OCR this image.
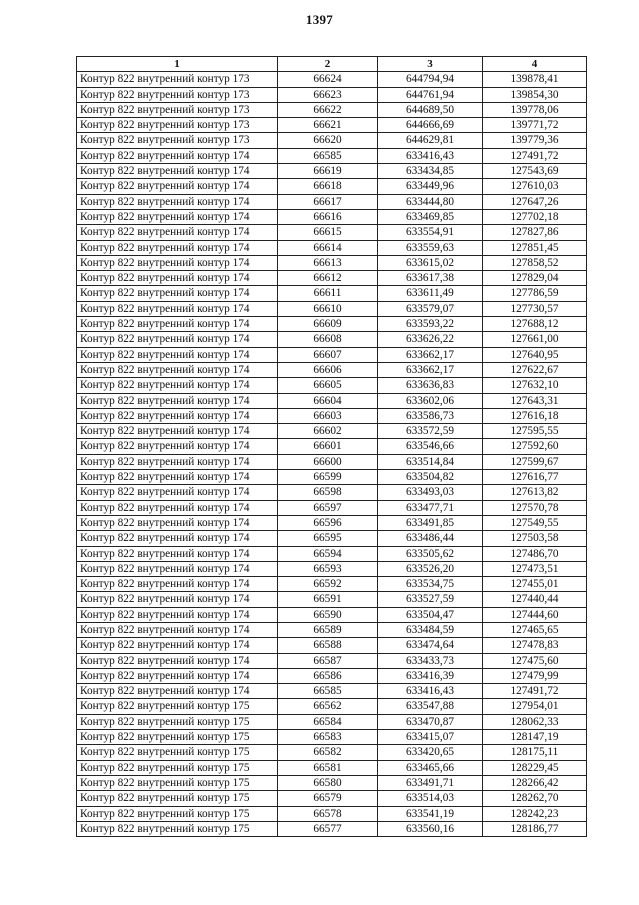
1397
1	2	3	4
Контур 822 внутренний контур 173	66624	644794,94	139878,41
Контур 822 внутренний контур 173	66623	644761,94	139854,30
Контур 822 внутренний контур 173	66622	644689,50	139778,06
Контур 822 внутренний контур 173	66621	644666,69	139771,72
Контур 822 внутренний контур 173	66620	644629,81	139779,36
Контур 822 внутренний контур 174	66585	633416,43	127491,72
Контур 822 внутренний контур 174	66619	633434,85	127543,69
Контур 822 внутренний контур 174	66618	633449,96	127610,03
Контур 822 внутренний контур 174	66617	633444,80	127647,26
Контур 822 внутренний контур 174	66616	633469,85	127702,18
Контур 822 внутренний контур 174	66615	633554,91	127827,86
Контур 822 внутренний контур 174	66614	633559,63	127851,45
Контур 822 внутренний контур 174	66613	633615,02	127858,52
Контур 822 внутренний контур 174	66612	633617,38	127829,04
Контур 822 внутренний контур 174	66611	633611,49	127786,59
Контур 822 внутренний контур 174	66610	633579,07	127730,57
Контур 822 внутренний контур 174	66609	633593,22	127688,12
Контур 822 внутренний контур 174	66608	633626,22	127661,00
Контур 822 внутренний контур 174	66607	633662,17	127640,95
Контур 822 внутренний контур 174	66606	633662,17	127622,67
Контур 822 внутренний контур 174	66605	633636,83	127632,10
Контур 822 внутренний контур 174	66604	633602,06	127643,31
Контур 822 внутренний контур 174	66603	633586,73	127616,18
Контур 822 внутренний контур 174	66602	633572,59	127595,55
Контур 822 внутренний контур 174	66601	633546,66	127592,60
Контур 822 внутренний контур 174	66600	633514,84	127599,67
Контур 822 внутренний контур 174	66599	633504,82	127616,77
Контур 822 внутренний контур 174	66598	633493,03	127613,82
Контур 822 внутренний контур 174	66597	633477,71	127570,78
Контур 822 внутренний контур 174	66596	633491,85	127549,55
Контур 822 внутренний контур 174	66595	633486,44	127503,58
Контур 822 внутренний контур 174	66594	633505,62	127486,70
Контур 822 внутренний контур 174	66593	633526,20	127473,51
Контур 822 внутренний контур 174	66592	633534,75	127455,01
Контур 822 внутренний контур 174	66591	633527,59	127440,44
Контур 822 внутренний контур 174	66590	633504,47	127444,60
Контур 822 внутренний контур 174	66589	633484,59	127465,65
Контур 822 внутренний контур 174	66588	633474,64	127478,83
Контур 822 внутренний контур 174	66587	633433,73	127475,60
Контур 822 внутренний контур 174	66586	633416,39	127479,99
Контур 822 внутренний контур 174	66585	633416,43	127491,72
Контур 822 внутренний контур 175	66562	633547,88	127954,01
Контур 822 внутренний контур 175	66584	633470,87	128062,33
Контур 822 внутренний контур 175	66583	633415,07	128147,19
Контур 822 внутренний контур 175	66582	633420,65	128175,11
Контур 822 внутренний контур 175	66581	633465,66	128229,45
Контур 822 внутренний контур 175	66580	633491,71	128266,42
Контур 822 внутренний контур 175	66579	633514,03	128262,70
Контур 822 внутренний контур 175	66578	633541,19	128242,23
Контур 822 внутренний контур 175	66577	633560,16	128186,77
